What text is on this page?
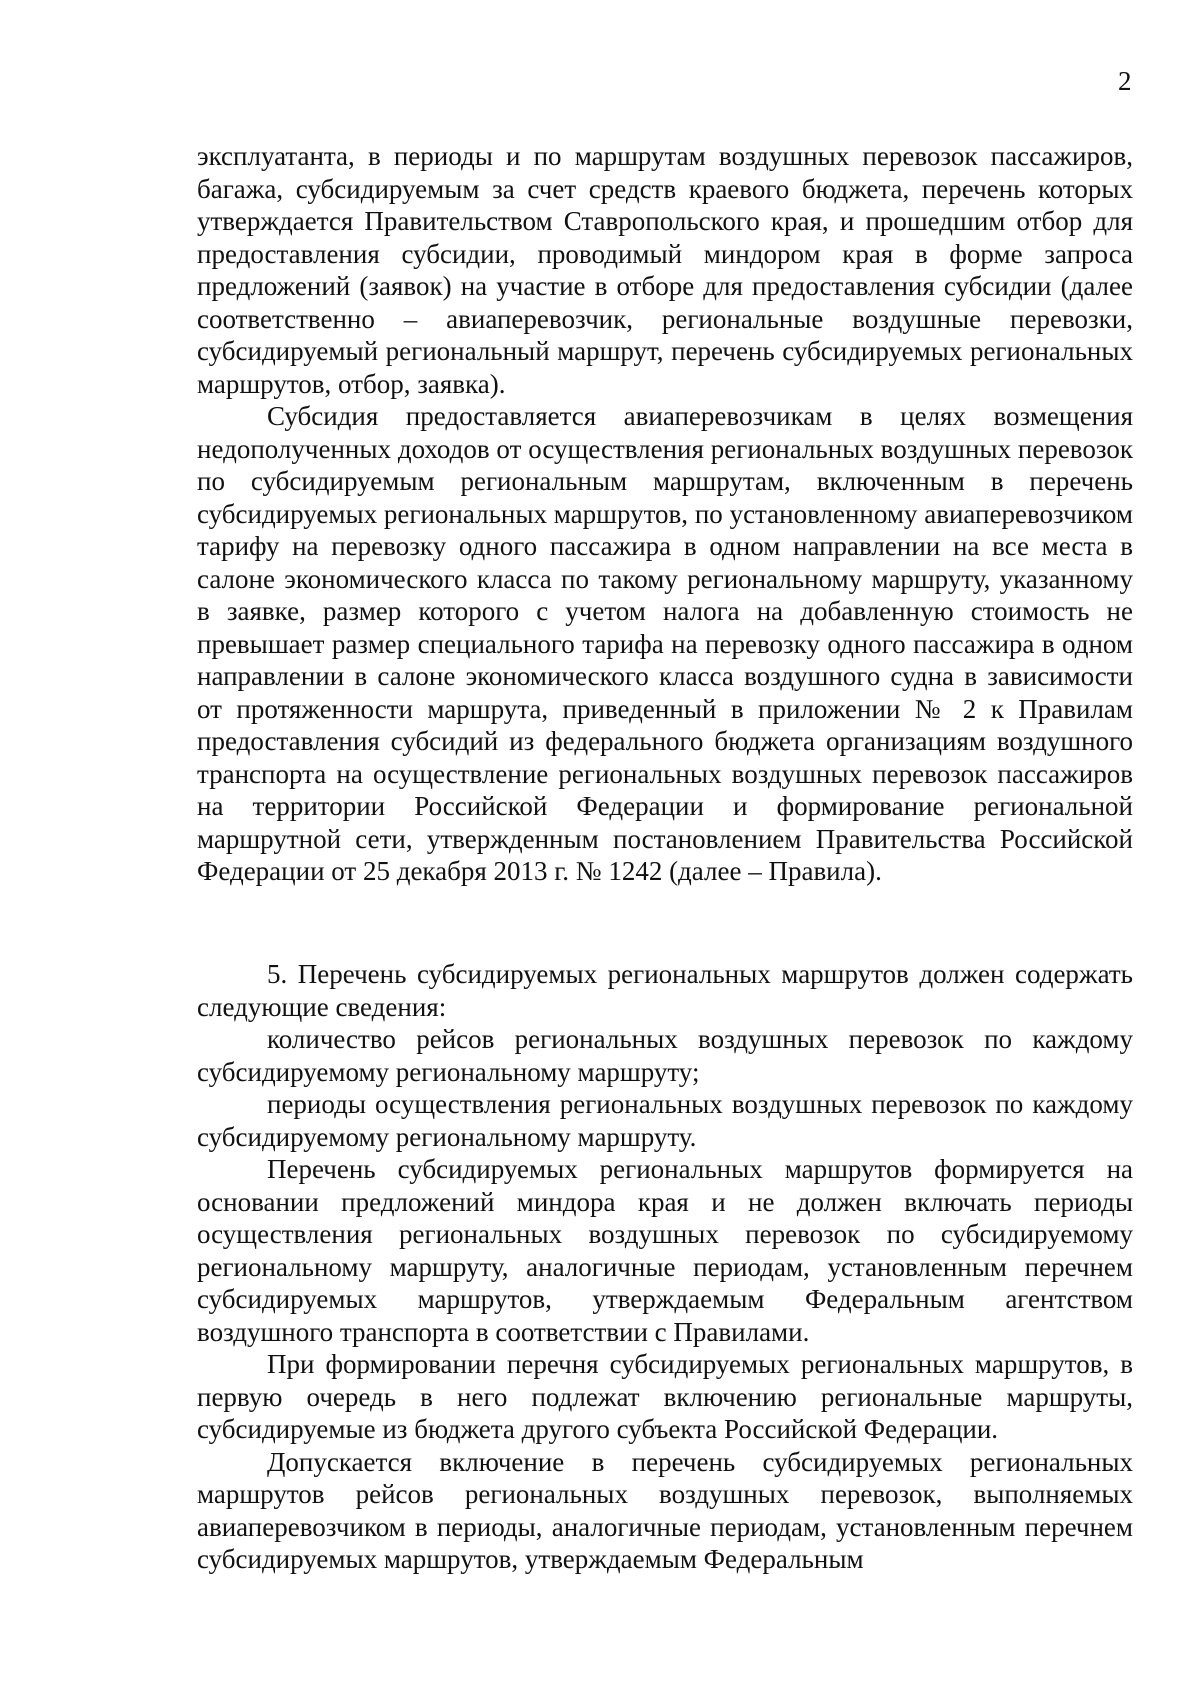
2

эксплуатанта, в периоды и по маршрутам воздушных перевозок пассажиров, багажа, субсидируемым за счет средств краевого бюджета, перечень которых утверждается Правительством Ставропольского края, и прошедшим отбор для предоставления субсидии, проводимый миндором края в форме запроса предложений (заявок) на участие в отборе для предоставления субсидии (далее соответственно – авиаперевозчик, региональные воздушные перевозки, субсидируемый региональный маршрут, перечень субсидируемых региональных маршрутов, отбор, заявка).

Субсидия предоставляется авиаперевозчикам в целях возмещения недополученных доходов от осуществления региональных воздушных перевозок по субсидируемым региональным маршрутам, включенным в перечень субсидируемых региональных маршрутов, по установленному авиаперевозчиком тарифу на перевозку одного пассажира в одном направлении на все места в салоне экономического класса по такому региональному маршруту, указанному в заявке, размер которого с учетом налога на добавленную стоимость не превышает размер специального тарифа на перевозку одного пассажира в одном направлении в салоне экономического класса воздушного судна в зависимости от протяженности маршрута, приведенный в приложении № 2 к Правилам предоставления субсидий из федерального бюджета организациям воздушного транспорта на осуществление региональных воздушных перевозок пассажиров на территории Российской Федерации и формирование региональной маршрутной сети, утвержденным постановлением Правительства Российской Федерации от 25 декабря 2013 г. № 1242 (далее – Правила).

5. Перечень субсидируемых региональных маршрутов должен содержать следующие сведения:

количество рейсов региональных воздушных перевозок по каждому субсидируемому региональному маршруту;

периоды осуществления региональных воздушных перевозок по каждому субсидируемому региональному маршруту.

Перечень субсидируемых региональных маршрутов формируется на основании предложений миндора края и не должен включать периоды осуществления региональных воздушных перевозок по субсидируемому региональному маршруту, аналогичные периодам, установленным перечнем субсидируемых маршрутов, утверждаемым Федеральным агентством воздушного транспорта в соответствии с Правилами.

При формировании перечня субсидируемых региональных маршрутов, в первую очередь в него подлежат включению региональные маршруты, субсидируемые из бюджета другого субъекта Российской Федерации.

Допускается включение в перечень субсидируемых региональных маршрутов рейсов региональных воздушных перевозок, выполняемых авиаперевозчиком в периоды, аналогичные периодам, установленным перечнем субсидируемых маршрутов, утверждаемым Федеральным
